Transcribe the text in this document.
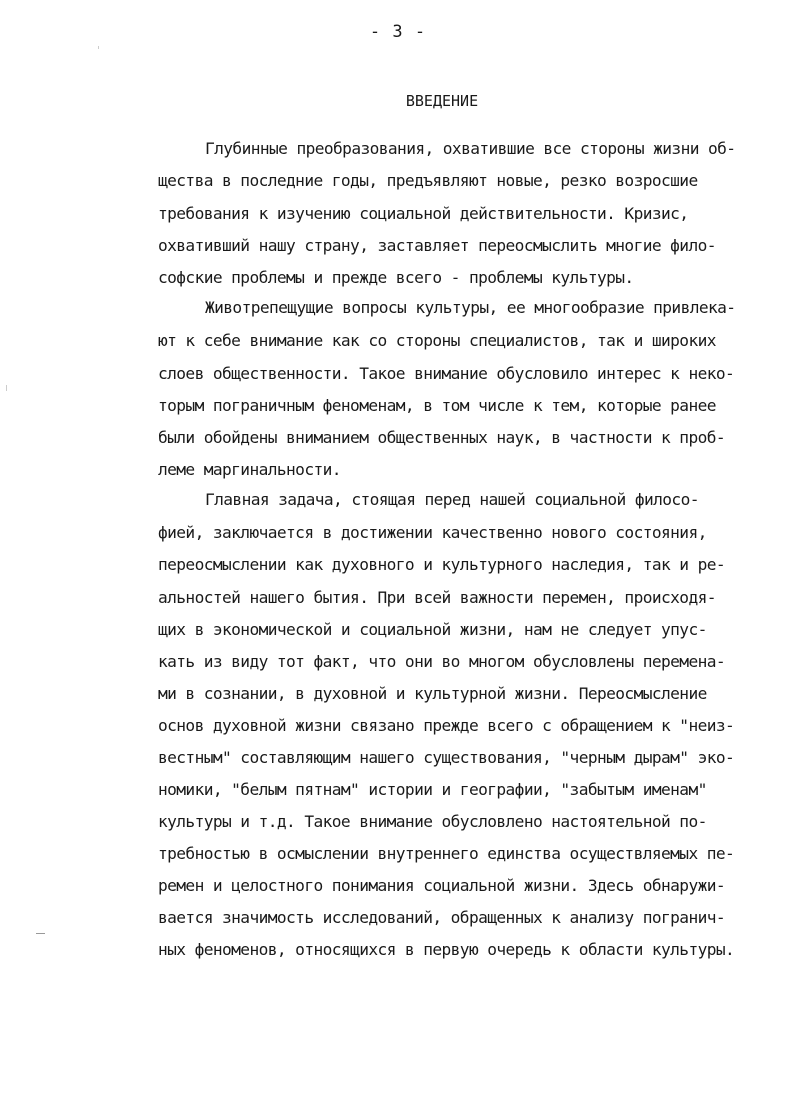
- 3 -
ВВЕДЕНИЕ
Глубинные преобразования, охватившие все стороны жизни об-
щества в последние годы, предъявляют новые, резко возросшие
требования к изучению социальной действительности. Кризис,
охвативший нашу страну, заставляет переосмыслить многие фило-
софские проблемы и прежде всего - проблемы культуры.
Животрепещущие вопросы культуры, ее многообразие привлека-
ют к себе внимание как со стороны специалистов, так и широких
слоев общественности. Такое внимание обусловило интерес к неко-
торым пограничным феноменам, в том числе к тем, которые ранее
были обойдены вниманием общественных наук, в частности к проб-
леме маргинальности.
Главная задача, стоящая перед нашей социальной филосо-
фией, заключается в достижении качественно нового состояния,
переосмыслении как духовного и культурного наследия, так и ре-
альностей нашего бытия. При всей важности перемен, происходя-
щих в экономической и социальной жизни, нам не следует упус-
кать из виду тот факт, что они во многом обусловлены перемена-
ми в сознании, в духовной и культурной жизни. Переосмысление
основ духовной жизни связано прежде всего с обращением к "неиз-
вестным" составляющим нашего существования, "черным дырам" эко-
номики, "белым пятнам" истории и географии, "забытым именам"
культуры и т.д. Такое внимание обусловлено настоятельной по-
требностью в осмыслении внутреннего единства осуществляемых пе-
ремен и целостного понимания социальной жизни. Здесь обнаружи-
вается значимость исследований, обращенных к анализу погранич-
ных феноменов, относящихся в первую очередь к области культуры.
